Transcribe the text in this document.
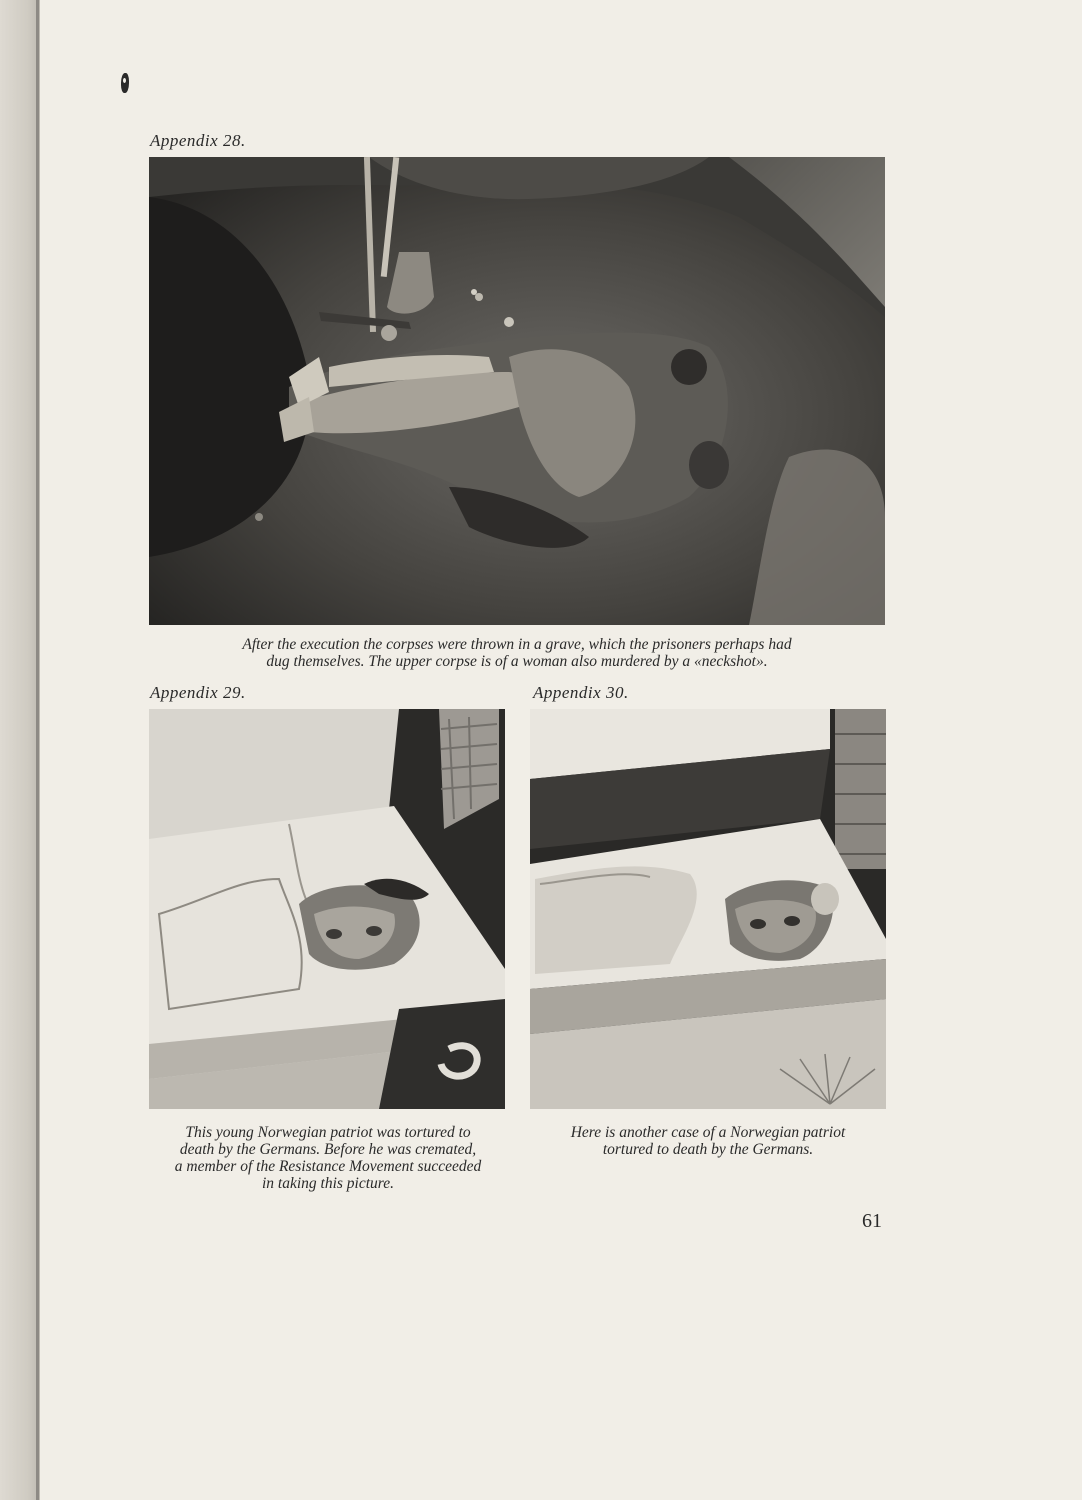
Appendix 28.
After the execution the corpses were thrown in a grave, which the prisoners perhaps had
dug themselves. The upper corpse is of a woman also murdered by a «neckshot».
Appendix 29.
This young Norwegian patriot was tortured to
death by the Germans. Before he was cremated,
a member of the Resistance Movement succeeded
in taking this picture.
Appendix 30.
Here is another case of a Norwegian patriot
tortured to death by the Germans.
61
